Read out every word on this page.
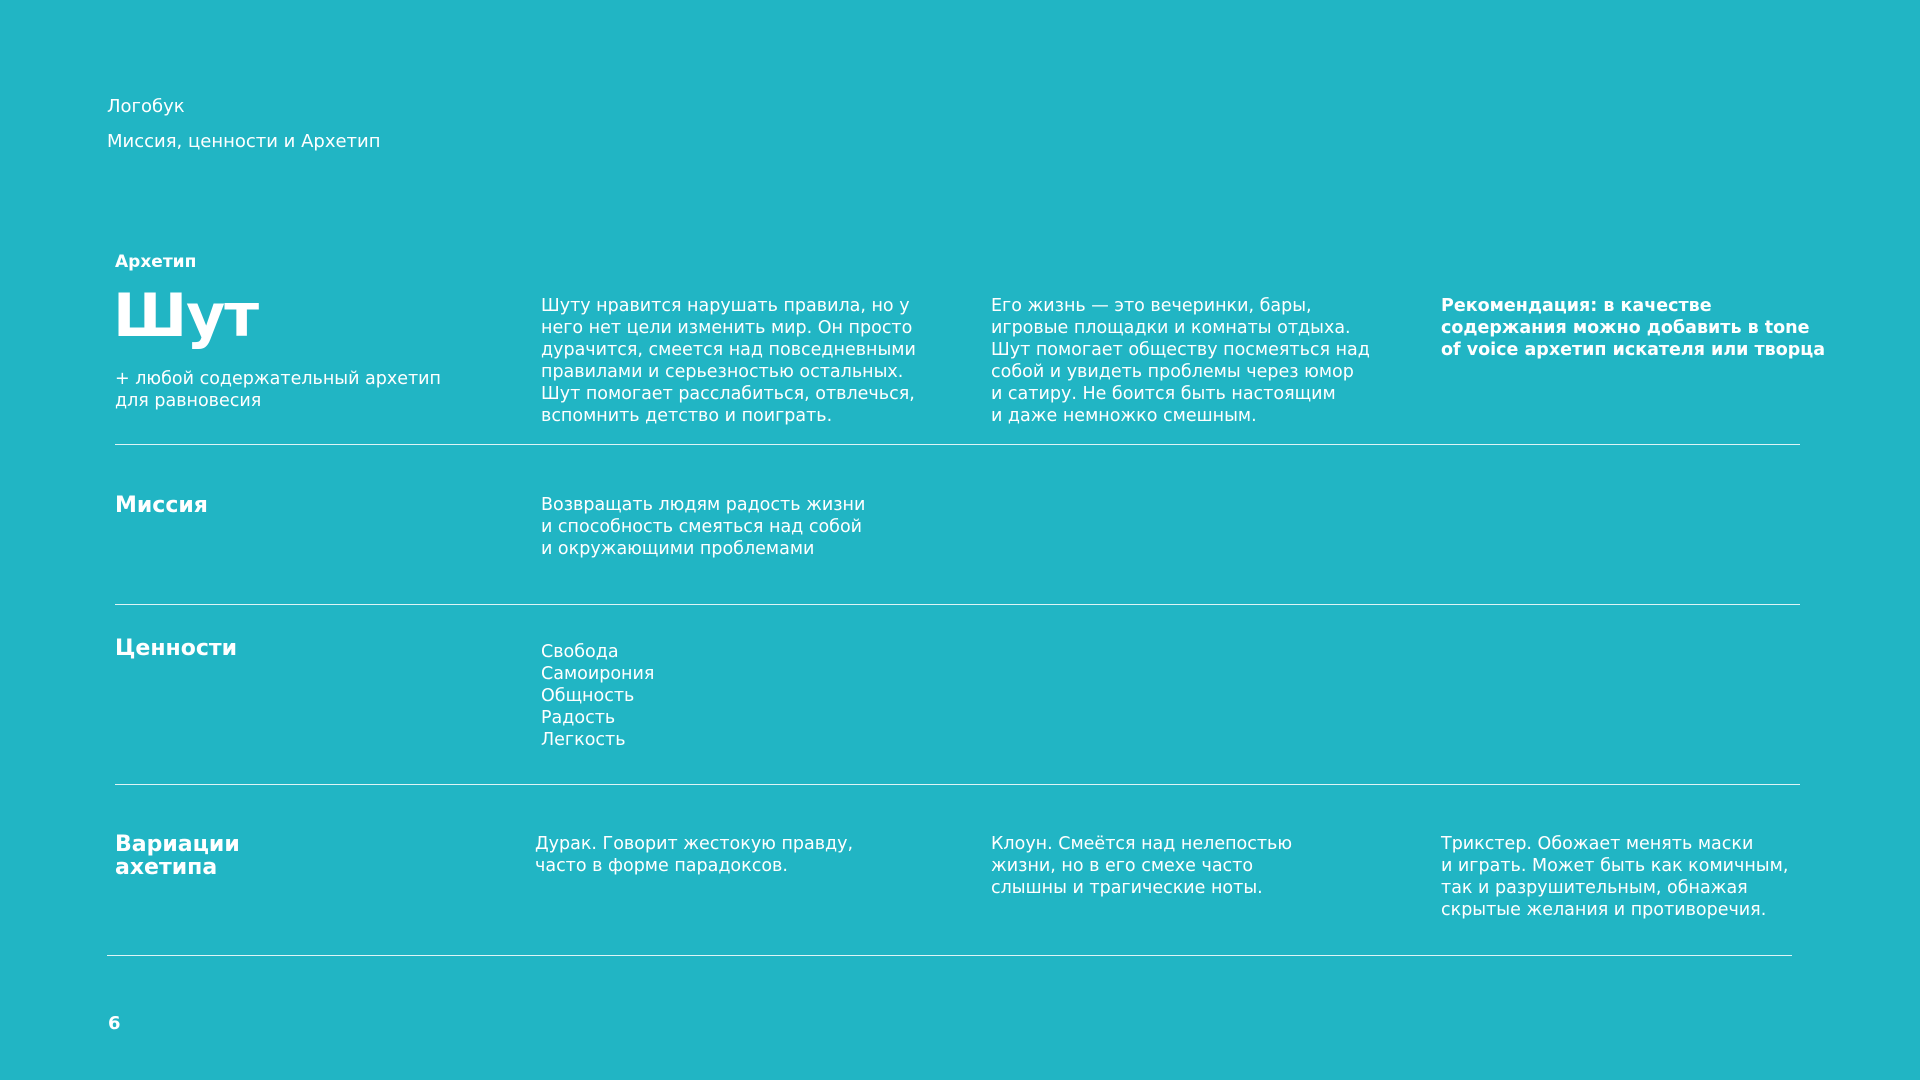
Логобук
Миссия, ценности и Архетип
Архетип
Шут
+ любой содержательный архетип
для равновесия
Шуту нравится нарушать правила, но у
него нет цели изменить мир. Он просто
дурачится, смеется над повседневными
правилами и серьезностью остальных.
Шут помогает расслабиться, отвлечься,
вспомнить детство и поиграть.
Его жизнь — это вечеринки, бары,
игровые площадки и комнаты отдыха.
Шут помогает обществу посмеяться над
собой и увидеть проблемы через юмор
и сатиру. Не боится быть настоящим
и даже немножко смешным.
Рекомендация: в качестве
содержания можно добавить в tone
of voice архетип искателя или творца
Миссия	Возвращать людям радость жизни
и способность смеяться над собой
и окружающими проблемами
Ценности	Свобода
Самоирония
Общность
Радость
Легкость
Вариации
ахетипа
Дурак. Говорит жестокую правду,
часто в форме парадоксов.
Клоун. Смеётся над нелепостью
жизни, но в его смехе часто
слышны и трагические ноты.
Трикстер. Обожает менять маски
и играть. Может быть как комичным,
так и разрушительным, обнажая
скрытые желания и противоречия.
6
